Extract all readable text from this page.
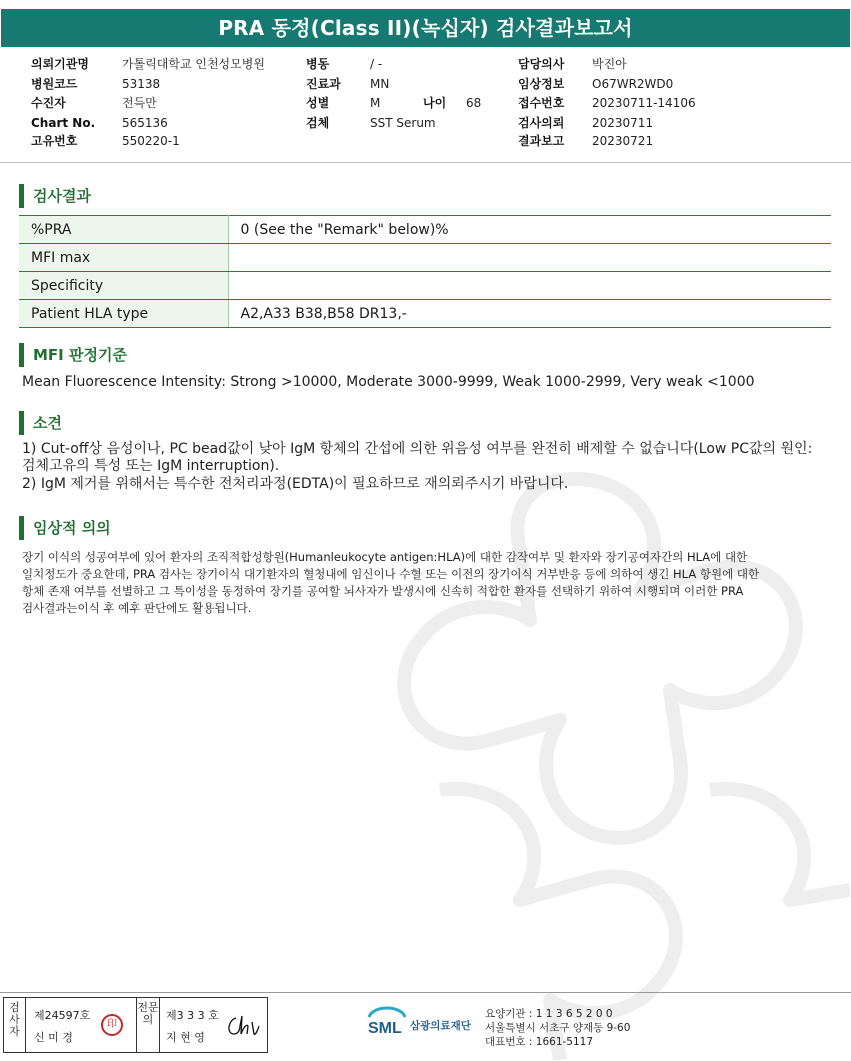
PRA 동정(Class II)(녹십자) 검사결과보고서
의뢰기관명	가톨릭대학교 인천성모병원
병원코드	53138
수진자	전득만
Chart No. 565136
고유번호	550220-1
병동	/ -
진료과 MN
성별	M	나이 68
검체	SST Serum
담당의사 박진아
임상정보 O67WR2WD0
접수번호 20230711-14106
검사의뢰 20230711
결과보고 20230721
검사결과
%PRA	0 (See the "Remark" below)%
MFI max	
Specificity	
Patient HLA type	A2,A33 B38,B58 DR13,-
MFI 판정기준
Mean Fluorescence Intensity: Strong >10000, Moderate 3000-9999, Weak 1000-2999, Very weak <1000
소견
1) Cut-off상 음성이나, PC bead값이 낮아 IgM 항체의 간섭에 의한 위음성 여부를 완전히 배제할 수 없습니다(Low PC값의 원인:
검체고유의 특성 또는 IgM interruption).
2) IgM 제거를 위해서는 특수한 전처리과정(EDTA)이 필요하므로 재의뢰주시기 바랍니다.
임상적 의의
장기 이식의 성공여부에 있어 환자의 조직적합성항원(Humanleukocyte antigen:HLA)에 대한 감작여부 및 환자와 장기공여자간의 HLA에 대한
일치정도가 중요한데, PRA 검사는 장기이식 대기환자의 혈청내에 임신이나 수혈 또는 이전의 장기이식 거부반응 등에 의하여 생긴 HLA 항원에 대한
항체 존재 여부를 선별하고 그 특이성을 동정하여 장기를 공여할 뇌사자가 발생시에 신속히 적합한 환자를 선택하기 위하여 시행되며 이러한 PRA
검사결과는이식 후 예후 판단에도 활용됩니다.
검사자
제24597호
신 미 경
印
전문의	제3 3 3 호
지 현 영
SML 삼광의료재단
요양기관 : 1 1 3 6 5 2 0 0
서울특별시 서초구 양재동 9-60
대표번호 : 1661-5117
